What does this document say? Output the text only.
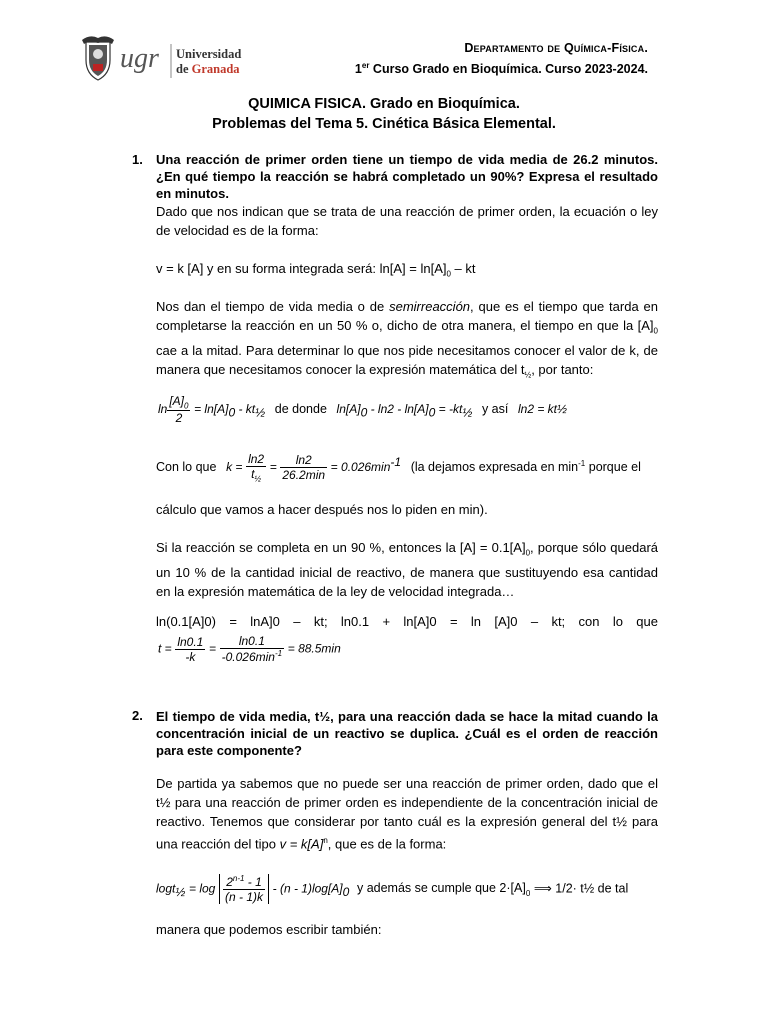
ugr Universidad
de Granada
Departamento de Química-Física.
1er Curso Grado en Bioquímica. Curso 2023-2024.
QUIMICA FISICA. Grado en Bioquímica.
Problemas del Tema 5. Cinética Básica Elemental.
1. Una reacción de primer orden tiene un tiempo de vida media de 26.2 minutos. ¿En qué tiempo la reacción se habrá completado un 90%? Expresa el resultado en minutos.
Dado que nos indican que se trata de una reacción de primer orden, la ecuación o ley de velocidad es de la forma:
v = k [A] y en su forma integrada será: $\ln[A] = \ln[A]_0$ – kt
Nos dan el tiempo de vida media o de semirreacción, que es el tiempo que tarda en completarse la reacción en un 50 % o, dicho de otra manera, el tiempo en que la $[A]_0$ cae a la mitad. Para determinar lo que nos pide necesitamos conocer el valor de k, de manera que necesitamos conocer la expresión matemática del $t_{\frac{1}{2}}$, por tanto:
$\ln \frac{[A]_0}{2} = \ln[A]_0 - kt_{\frac{1}{2}}$ de donde $\ln[A]_0 - \ln 2 - \ln[A]_0 = -kt_{\frac{1}{2}}$ y así ln2 = kt½
Con lo que $k = \frac{\ln 2}{t_{\frac{1}{2}}} = \frac{\ln 2}{26.2\min} = 0.026\min^{-1}$ (la dejamos expresada en $\min^{-1}$ porque el
cálculo que vamos a hacer después nos lo piden en min).
Si la reacción se completa en un 90 %, entonces la $[A] = 0.1[A]_0$, porque sólo quedará un 10 % de la cantidad inicial de reactivo, de manera que sustituyendo esa cantidad en la expresión matemática de la ley de velocidad integrada…
ln(0.1[A]0) = lnA]0 – kt; ln0.1 + ln[A]0 = ln [A]0 – kt; con lo que
$t = \frac{\ln 0.1}{-k} = \frac{\ln 0.1}{-0.026\min^{-1}} = 88.5\min$
2. El tiempo de vida media, t½, para una reacción dada se hace la mitad cuando la concentración inicial de un reactivo se duplica. ¿Cuál es el orden de reacción para este componente?
De partida ya sabemos que no puede ser una reacción de primer orden, dado que el t½ para una reacción de primer orden es independiente de la concentración inicial de reactivo. Tenemos que considerar por tanto cuál es la expresión general del t½ para una reacción del tipo $v = k[A]^n$, que es de la forma:
$\log t_{\frac{1}{2}} = \log \frac{2^{n-1} - 1}{(n - 1)k} - (n - 1)\log[A]_0$ y además se cumple que $2\cdot[A]_0$ ⟹ 1/2· t½ de tal
manera que podemos escribir también:
